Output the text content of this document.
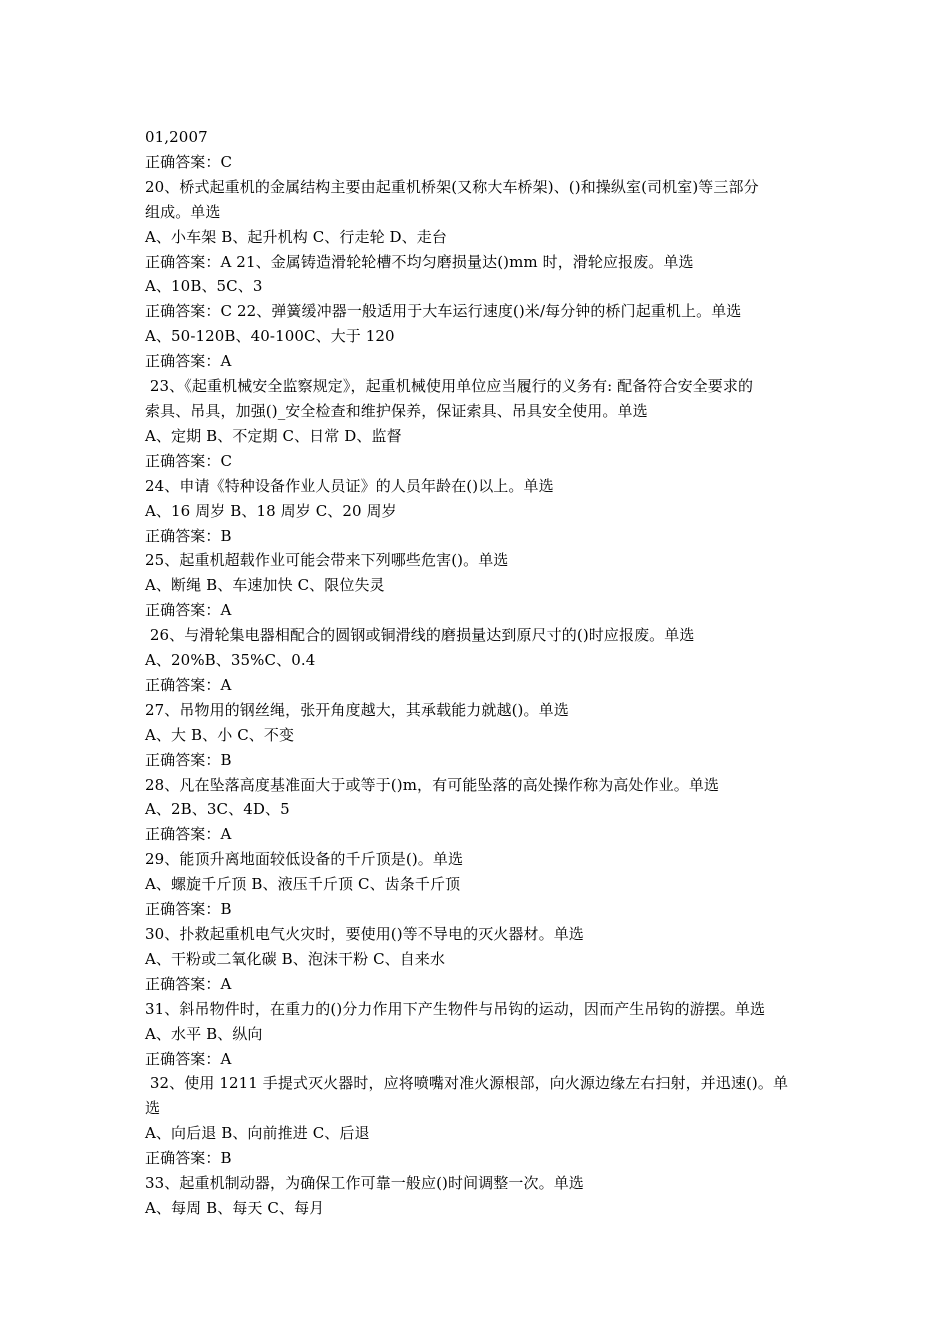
01,2007
正确答案：C
20、桥式起重机的金属结构主要由起重机桥架(又称大车桥架)、()和操纵室(司机室)等三部分
组成。单选
A、小车架 B、起升机构 C、行走轮 D、走台
正确答案：A 21、金属铸造滑轮轮槽不均匀磨损量达()mm 时，滑轮应报废。单选
A、10B、5C、3
正确答案：C 22、弹簧缓冲器一般适用于大车运行速度()米/每分钟的桥门起重机上。单选
A、50-120B、40-100C、大于 120
正确答案：A
23、《起重机械安全监察规定》，起重机械使用单位应当履行的义务有: 配备符合安全要求的
索具、吊具，加强()_安全检查和维护保养，保证索具、吊具安全使用。单选
A、定期 B、不定期 C、日常 D、监督
正确答案：C
24、申请《特种设备作业人员证》的人员年龄在()以上。单选
A、16 周岁 B、18 周岁 C、20 周岁
正确答案：B
25、起重机超载作业可能会带来下列哪些危害()。单选
A、断绳 B、车速加快 C、限位失灵
正确答案：A
26、与滑轮集电器相配合的圆钢或铜滑线的磨损量达到原尺寸的()时应报废。单选
A、20%B、35%C、0.4
正确答案：A
27、吊物用的钢丝绳，张开角度越大，其承载能力就越()。单选
A、大 B、小 C、不变
正确答案：B
28、凡在坠落高度基准面大于或等于()m，有可能坠落的高处操作称为高处作业。单选
A、2B、3C、4D、5
正确答案：A
29、能顶升离地面较低设备的千斤顶是()。单选
A、螺旋千斤顶 B、液压千斤顶 C、齿条千斤顶
正确答案：B
30、扑救起重机电气火灾时，要使用()等不导电的灭火器材。单选
A、干粉或二氧化碳 B、泡沫干粉 C、自来水
正确答案：A
31、斜吊物件时，在重力的()分力作用下产生物件与吊钩的运动，因而产生吊钩的游摆。单选
A、水平 B、纵向
正确答案：A
32、使用 1211 手提式灭火器时，应将喷嘴对准火源根部，向火源边缘左右扫射，并迅速()。单
选
A、向后退 B、向前推进 C、后退
正确答案：B
33、起重机制动器，为确保工作可靠一般应()时间调整一次。单选
A、每周 B、每天 C、每月
